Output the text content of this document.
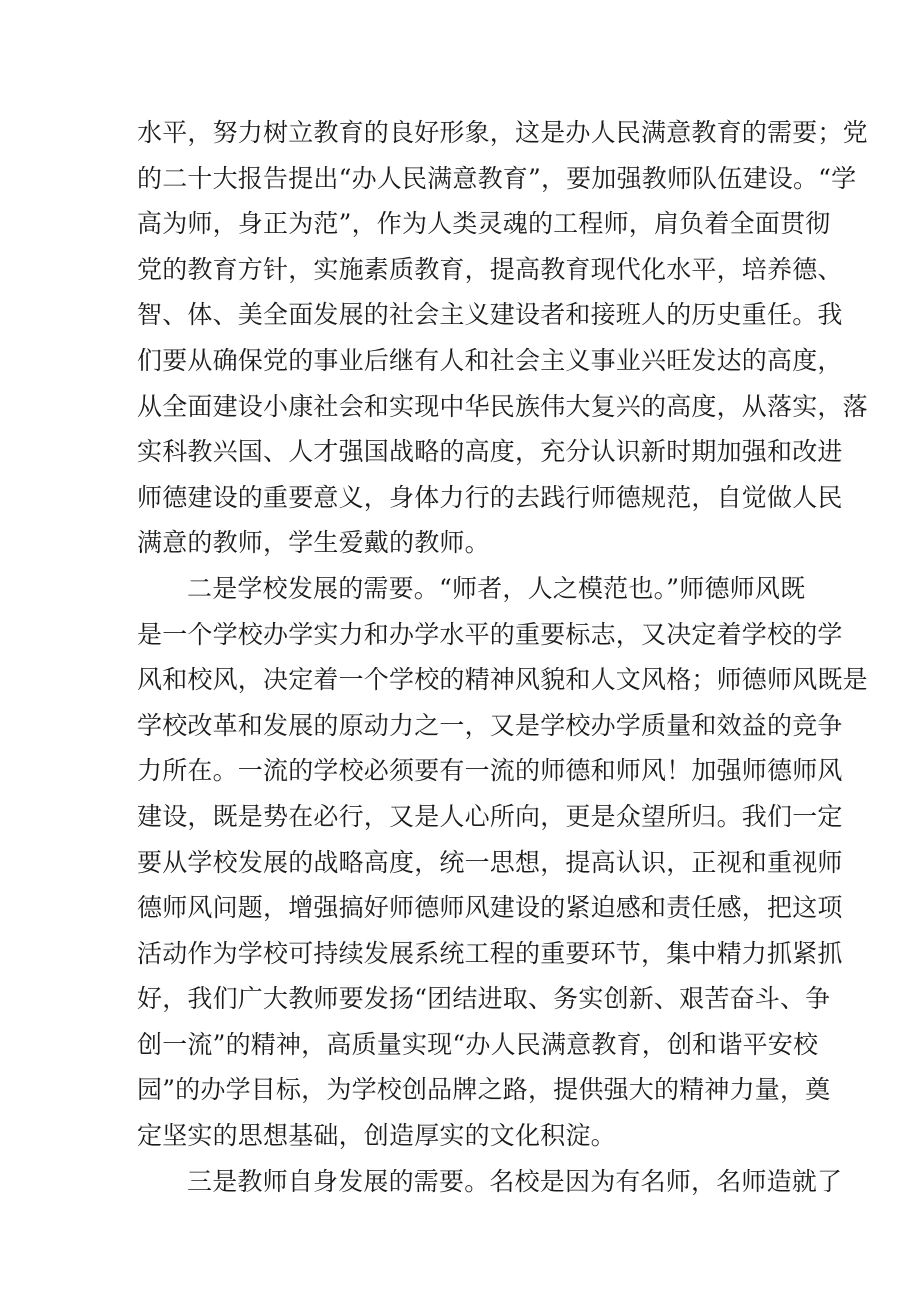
水平，努力树立教育的良好形象，这是办人民满意教育的需要；党
的二十大报告提出“办人民满意教育”，要加强教师队伍建设。“学
高为师，身正为范”，作为人类灵魂的工程师，肩负着全面贯彻
党的教育方针，实施素质教育，提高教育现代化水平，培养德、
智、体、美全面发展的社会主义建设者和接班人的历史重任。我
们要从确保党的事业后继有人和社会主义事业兴旺发达的高度，
从全面建设小康社会和实现中华民族伟大复兴的高度，从落实，落
实科教兴国、人才强国战略的高度，充分认识新时期加强和改进
师德建设的重要意义，身体力行的去践行师德规范，自觉做人民
满意的教师，学生爱戴的教师。
二是学校发展的需要。“师者，人之模范也。”师德师风既
是一个学校办学实力和办学水平的重要标志，又决定着学校的学
风和校风，决定着一个学校的精神风貌和人文风格；师德师风既是
学校改革和发展的原动力之一，又是学校办学质量和效益的竞争
力所在。一流的学校必须要有一流的师德和师风！加强师德师风
建设，既是势在必行，又是人心所向，更是众望所归。我们一定
要从学校发展的战略高度，统一思想，提高认识，正视和重视师
德师风问题，增强搞好师德师风建设的紧迫感和责任感，把这项
活动作为学校可持续发展系统工程的重要环节，集中精力抓紧抓
好，我们广大教师要发扬“团结进取、务实创新、艰苦奋斗、争
创一流”的精神，高质量实现“办人民满意教育，创和谐平安校
园”的办学目标，为学校创品牌之路，提供强大的精神力量，奠
定坚实的思想基础，创造厚实的文化积淀。
三是教师自身发展的需要。名校是因为有名师，名师造就了
